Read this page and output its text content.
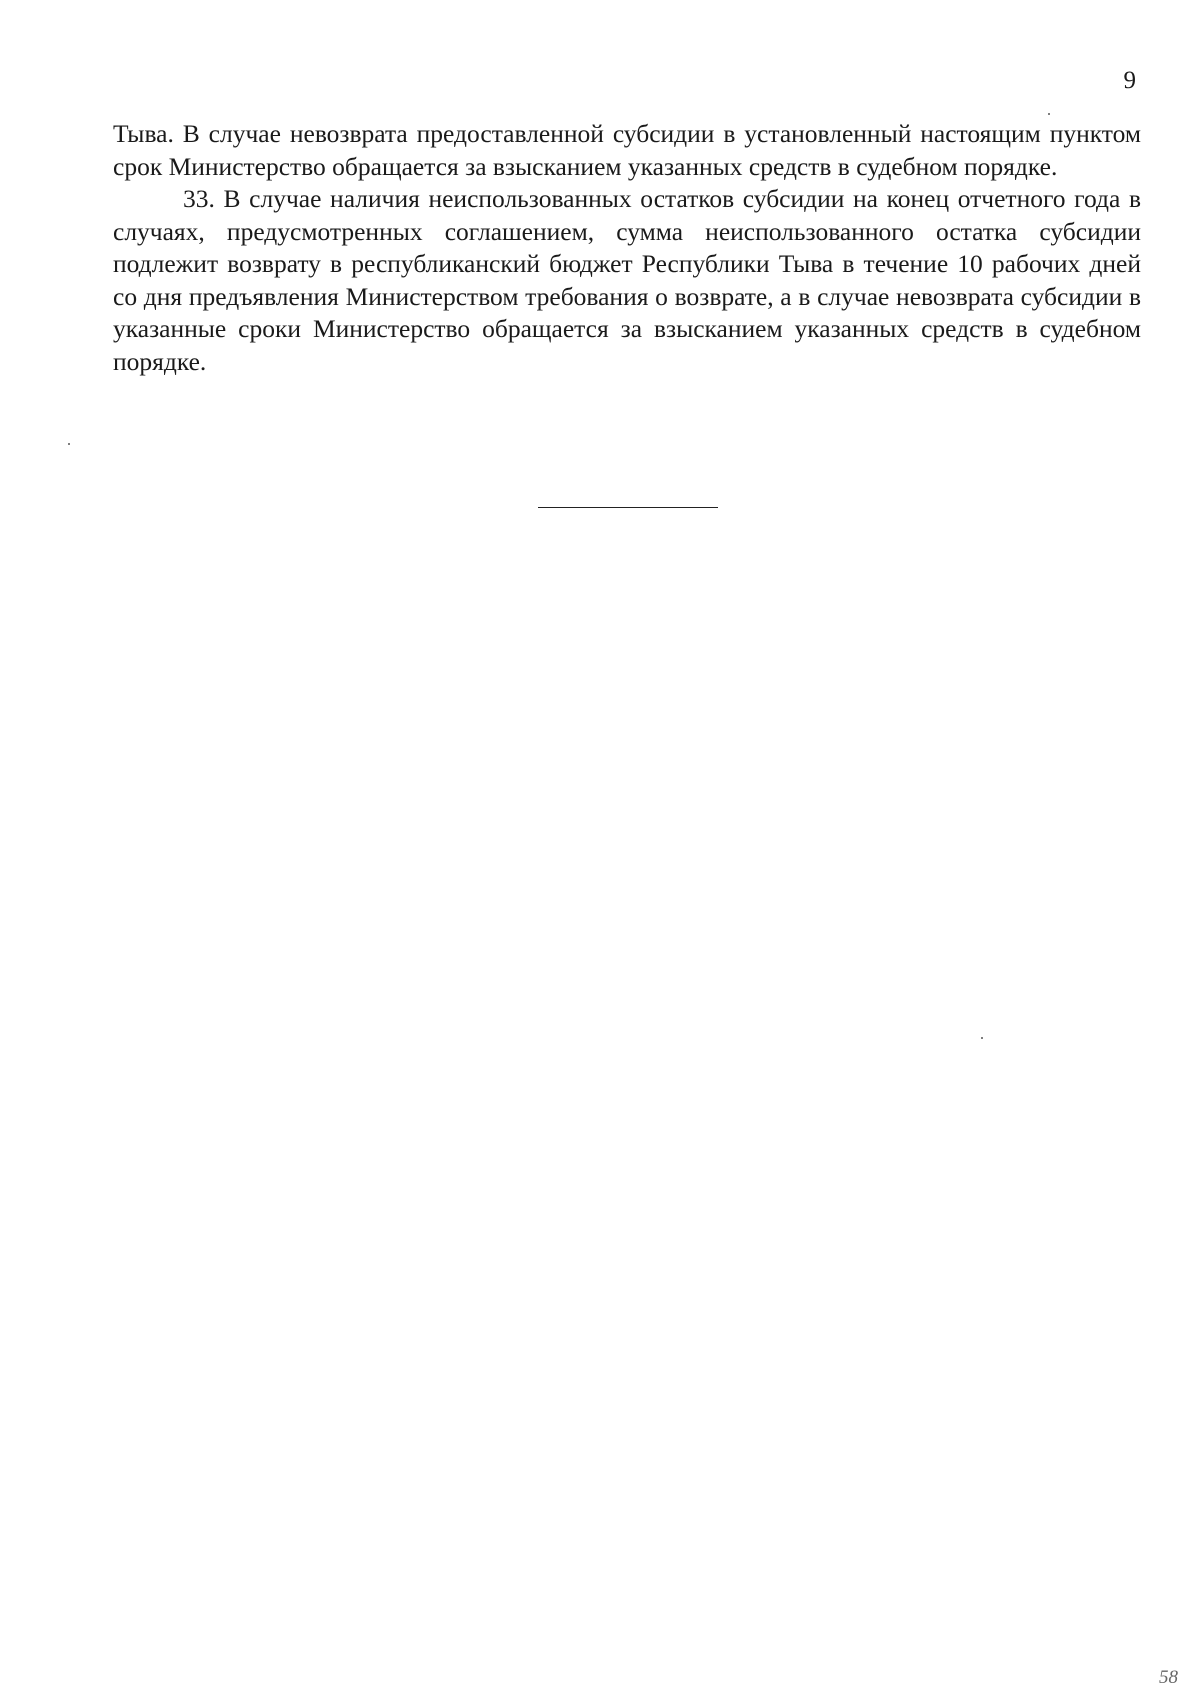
9

Тыва. В случае невозврата предоставленной субсидии в установленный настоящим пунктом срок Министерство обращается за взысканием указанных средств в судебном порядке.

33. В случае наличия неиспользованных остатков субсидии на конец отчетного года в случаях, предусмотренных соглашением, сумма неиспользованного остатка субсидии подлежит возврату в республиканский бюджет Республики Тыва в течение 10 рабочих дней со дня предъявления Министерством требования о возврате, а в случае невозврата субсидии в указанные сроки Министерство обращается за взысканием указанных средств в судебном порядке.

58
